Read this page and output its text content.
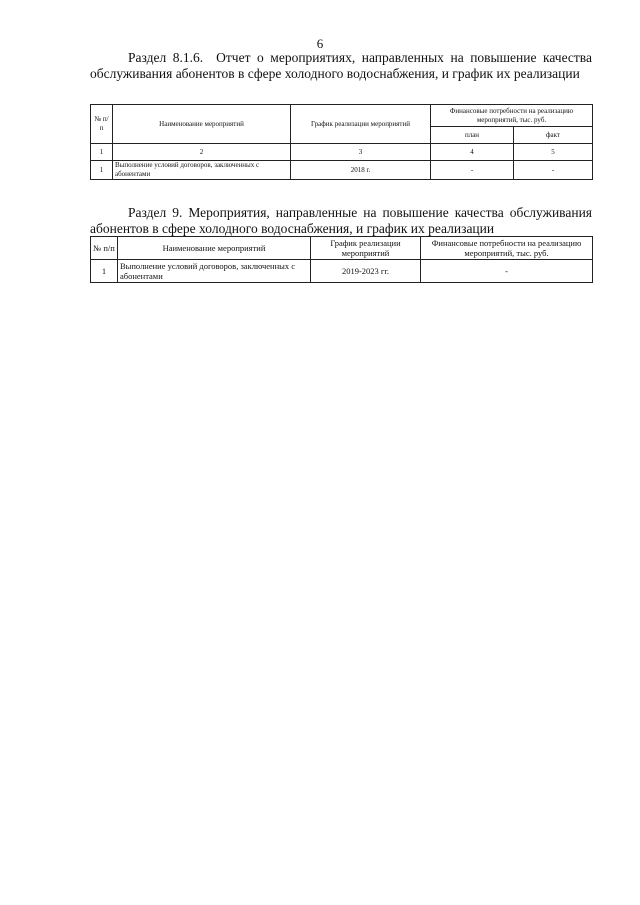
6

Раздел 8.1.6. Отчет о мероприятиях, направленных на повышение качества обслуживания абонентов в сфере холодного водоснабжения, и график их реализации

№ п/п	Наименование мероприятий	График реализации мероприятий	Финансовые потребности на реализацию мероприятий, тыс. руб.	
			план	факт
1	2	3	4	5
1	Выполнение условий договоров, заключенных с абонентами	2018 г.	-	-

Раздел 9. Мероприятия, направленные на повышение качества обслуживания абонентов в сфере холодного водоснабжения, и график их реализации

№ п/п	Наименование мероприятий	График реализации мероприятий	Финансовые потребности на реализацию мероприятий, тыс. руб.
1	Выполнение условий договоров, заключенных с абонентами	2019-2023 гг.	-
